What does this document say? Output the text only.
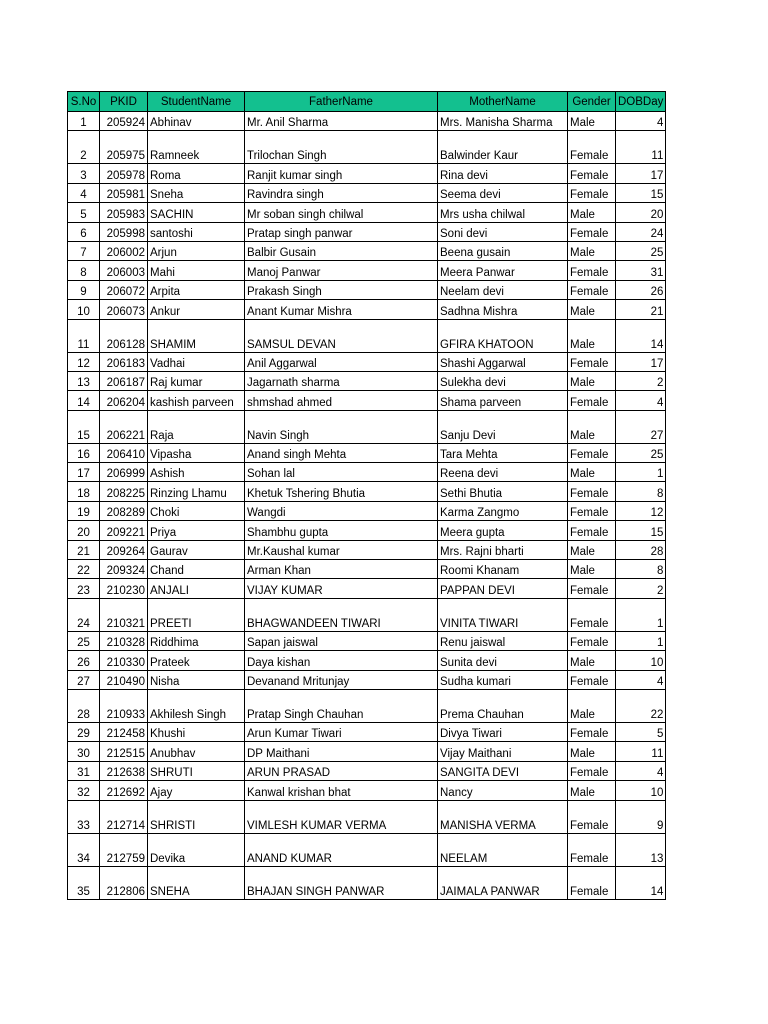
S.No	PKID	StudentName	FatherName	MotherName	Gender	DOBDay
1	205924	Abhinav	Mr. Anil Sharma	Mrs. Manisha Sharma	Male	4
2	205975	Ramneek	Trilochan Singh	Balwinder Kaur	Female	11
3	205978	Roma	Ranjit kumar singh	Rina devi	Female	17
4	205981	Sneha	Ravindra singh	Seema devi	Female	15
5	205983	SACHIN	Mr soban singh chilwal	Mrs usha chilwal	Male	20
6	205998	santoshi	Pratap singh panwar	Soni devi	Female	24
7	206002	Arjun	Balbir Gusain	Beena gusain	Male	25
8	206003	Mahi	Manoj Panwar	Meera Panwar	Female	31
9	206072	Arpita	Prakash Singh	Neelam devi	Female	26
10	206073	Ankur	Anant Kumar Mishra	Sadhna Mishra	Male	21
11	206128	SHAMIM	SAMSUL DEVAN	GFIRA KHATOON	Male	14
12	206183	Vadhai	Anil Aggarwal	Shashi Aggarwal	Female	17
13	206187	Raj kumar	Jagarnath sharma	Sulekha devi	Male	2
14	206204	kashish parveen	shmshad ahmed	Shama parveen	Female	4
15	206221	Raja	Navin Singh	Sanju Devi	Male	27
16	206410	Vipasha	Anand singh Mehta	Tara Mehta	Female	25
17	206999	Ashish	Sohan lal	Reena devi	Male	1
18	208225	Rinzing Lhamu	Khetuk Tshering Bhutia	Sethi Bhutia	Female	8
19	208289	Choki	Wangdi	Karma Zangmo	Female	12
20	209221	Priya	Shambhu gupta	Meera gupta	Female	15
21	209264	Gaurav	Mr.Kaushal kumar	Mrs. Rajni bharti	Male	28
22	209324	Chand	Arman Khan	Roomi Khanam	Male	8
23	210230	ANJALI	VIJAY KUMAR	PAPPAN DEVI	Female	2
24	210321	PREETI	BHAGWANDEEN TIWARI	VINITA TIWARI	Female	1
25	210328	Riddhima	Sapan jaiswal	Renu jaiswal	Female	1
26	210330	Prateek	Daya kishan	Sunita devi	Male	10
27	210490	Nisha	Devanand Mritunjay	Sudha kumari	Female	4
28	210933	Akhilesh Singh	Pratap Singh Chauhan	Prema Chauhan	Male	22
29	212458	Khushi	Arun Kumar Tiwari	Divya Tiwari	Female	5
30	212515	Anubhav	DP Maithani	Vijay Maithani	Male	11
31	212638	SHRUTI	ARUN PRASAD	SANGITA DEVI	Female	4
32	212692	Ajay	Kanwal krishan bhat	Nancy	Male	10
33	212714	SHRISTI	VIMLESH KUMAR VERMA	MANISHA VERMA	Female	9
34	212759	Devika	ANAND KUMAR	NEELAM	Female	13
35	212806	SNEHA	BHAJAN SINGH PANWAR	JAIMALA PANWAR	Female	14
